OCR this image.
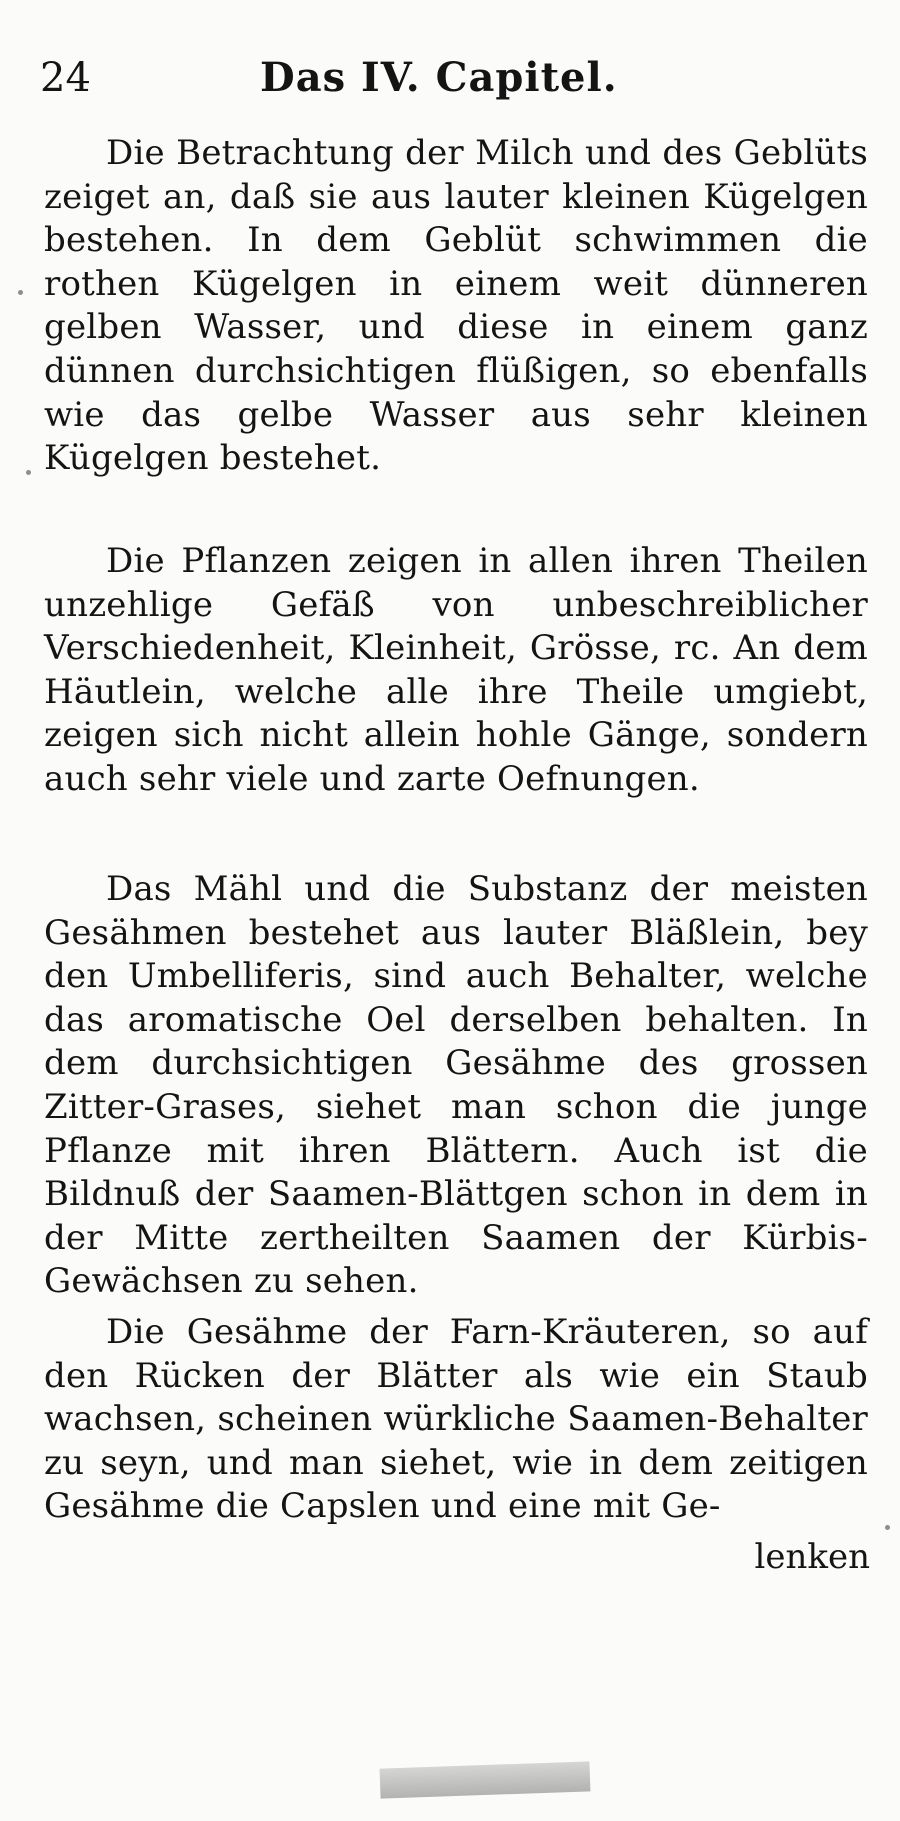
24	Das IV. Capitel.

Die Betrachtung der Milch und des Geblüts zeiget an, daß sie aus lauter kleinen Kügelgen bestehen. In dem Geblüt schwimmen die rothen Kügelgen in einem weit dünneren gelben Wasser, und diese in einem ganz dünnen durchsichtigen flüßigen, so ebenfalls wie das gelbe Wasser aus sehr kleinen Kügelgen bestehet.

Die Pflanzen zeigen in allen ihren Theilen unzehlige Gefäß von unbeschreiblicher Verschiedenheit, Kleinheit, Grösse, rc. An dem Häutlein, welche alle ihre Theile umgiebt, zeigen sich nicht allein hohle Gänge, sondern auch sehr viele und zarte Oefnungen.

Das Mähl und die Substanz der meisten Gesähmen bestehet aus lauter Bläßlein, bey den Umbelliferis, sind auch Behalter, welche das aromatische Oel derselben behalten. In dem durchsichtigen Gesähme des grossen Zitter-Grases, siehet man schon die junge Pflanze mit ihren Blättern. Auch ist die Bildnuß der Saamen-Blättgen schon in dem in der Mitte zertheilten Saamen der Kürbis-Gewächsen zu sehen.

Die Gesähme der Farn-Kräuteren, so auf den Rücken der Blätter als wie ein Staub wachsen, scheinen würkliche Saamen-Behalter zu seyn, und man siehet, wie in dem zeitigen Gesähme die Capslen und eine mit Ge-

lenken
